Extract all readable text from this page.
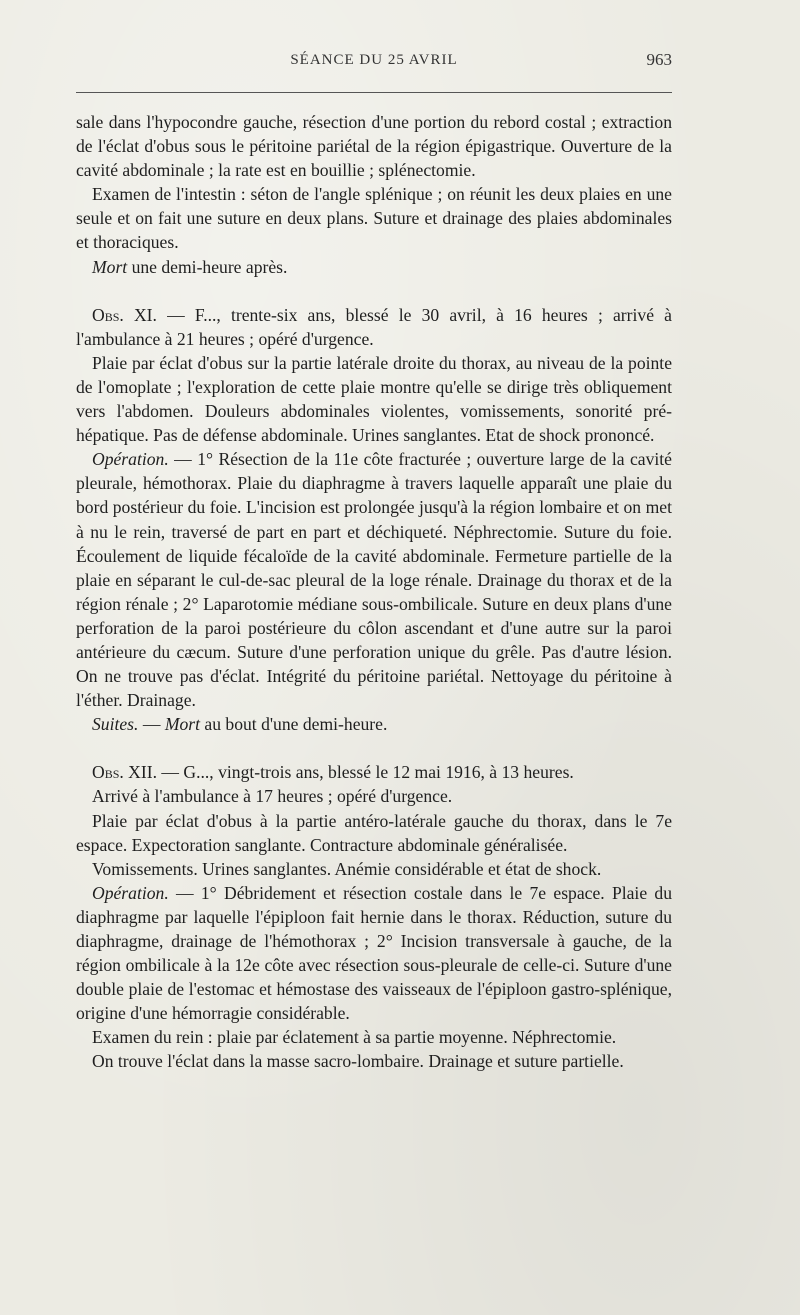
SÉANCE DU 25 AVRIL	963

sale dans l'hypocondre gauche, résection d'une portion du rebord costal ; extraction de l'éclat d'obus sous le péritoine pariétal de la région épigastrique. Ouverture de la cavité abdominale ; la rate est en bouillie ; splénectomie.

Examen de l'intestin : séton de l'angle splénique ; on réunit les deux plaies en une seule et on fait une suture en deux plans. Suture et drainage des plaies abdominales et thoraciques.

Mort une demi-heure après.

Obs. XI. — F..., trente-six ans, blessé le 30 avril, à 16 heures ; arrivé à l'ambulance à 21 heures ; opéré d'urgence.

Plaie par éclat d'obus sur la partie latérale droite du thorax, au niveau de la pointe de l'omoplate ; l'exploration de cette plaie montre qu'elle se dirige très obliquement vers l'abdomen. Douleurs abdominales violentes, vomissements, sonorité pré-hépatique. Pas de défense abdominale. Urines sanglantes. Etat de shock prononcé.

Opération. — 1° Résection de la 11e côte fracturée ; ouverture large de la cavité pleurale, hémothorax. Plaie du diaphragme à travers laquelle apparaît une plaie du bord postérieur du foie. L'incision est prolongée jusqu'à la région lombaire et on met à nu le rein, traversé de part en part et déchiqueté. Néphrectomie. Suture du foie. Écoulement de liquide fécaloïde de la cavité abdominale. Fermeture partielle de la plaie en séparant le cul-de-sac pleural de la loge rénale. Drainage du thorax et de la région rénale ; 2° Laparotomie médiane sous-ombilicale. Suture en deux plans d'une perforation de la paroi postérieure du côlon ascendant et d'une autre sur la paroi antérieure du cæcum. Suture d'une perforation unique du grêle. Pas d'autre lésion. On ne trouve pas d'éclat. Intégrité du péritoine pariétal. Nettoyage du péritoine à l'éther. Drainage.

Suites. — Mort au bout d'une demi-heure.

Obs. XII. — G..., vingt-trois ans, blessé le 12 mai 1916, à 13 heures.

Arrivé à l'ambulance à 17 heures ; opéré d'urgence.

Plaie par éclat d'obus à la partie antéro-latérale gauche du thorax, dans le 7e espace. Expectoration sanglante. Contracture abdominale généralisée.

Vomissements. Urines sanglantes. Anémie considérable et état de shock.

Opération. — 1° Débridement et résection costale dans le 7e espace. Plaie du diaphragme par laquelle l'épiploon fait hernie dans le thorax. Réduction, suture du diaphragme, drainage de l'hémothorax ; 2° Incision transversale à gauche, de la région ombilicale à la 12e côte avec résection sous-pleurale de celle-ci. Suture d'une double plaie de l'estomac et hémostase des vaisseaux de l'épiploon gastro-splénique, origine d'une hémorragie considérable.

Examen du rein : plaie par éclatement à sa partie moyenne. Néphrectomie.

On trouve l'éclat dans la masse sacro-lombaire. Drainage et suture partielle.
